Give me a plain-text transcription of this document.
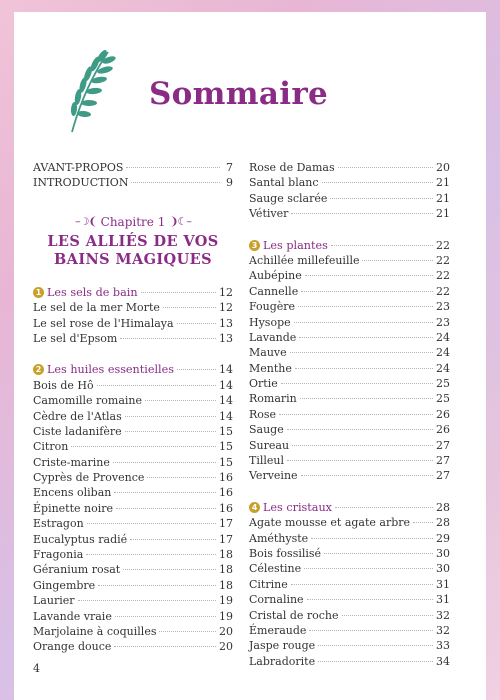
Sommaire
AVANT-PROPOS	7
INTRODUCTION	9
–☽❨ Chapitre 1 ❩☾–
LES ALLIÉS DE VOS
BAINS MAGIQUES
1 Les sels de bain	12
Le sel de la mer Morte	12
Le sel rose de l'Himalaya	13
Le sel d'Epsom	13
2 Les huiles essentielles	14
Bois de Hô	14
Camomille romaine	14
Cèdre de l'Atlas	14
Ciste ladanifère	15
Citron	15
Criste-marine	15
Cyprès de Provence	16
Encens oliban	16
Épinette noire	16
Estragon	17
Eucalyptus radié	17
Fragonia	18
Géranium rosat	18
Gingembre	18
Laurier	19
Lavande vraie	19
Marjolaine à coquilles	20
Orange douce	20
Rose de Damas	20
Santal blanc	21
Sauge sclarée	21
Vétiver	21
3 Les plantes	22
Achillée millefeuille	22
Aubépine	22
Cannelle	22
Fougère	23
Hysope	23
Lavande	24
Mauve	24
Menthe	24
Ortie	25
Romarin	25
Rose	26
Sauge	26
Sureau	27
Tilleul	27
Verveine	27
4 Les cristaux	28
Agate mousse et agate arbre 28
Améthyste	29
Bois fossilisé	30
Célestine	30
Citrine	31
Cornaline	31
Cristal de roche	32
Émeraude	32
Jaspe rouge	33
Labradorite	34
4
